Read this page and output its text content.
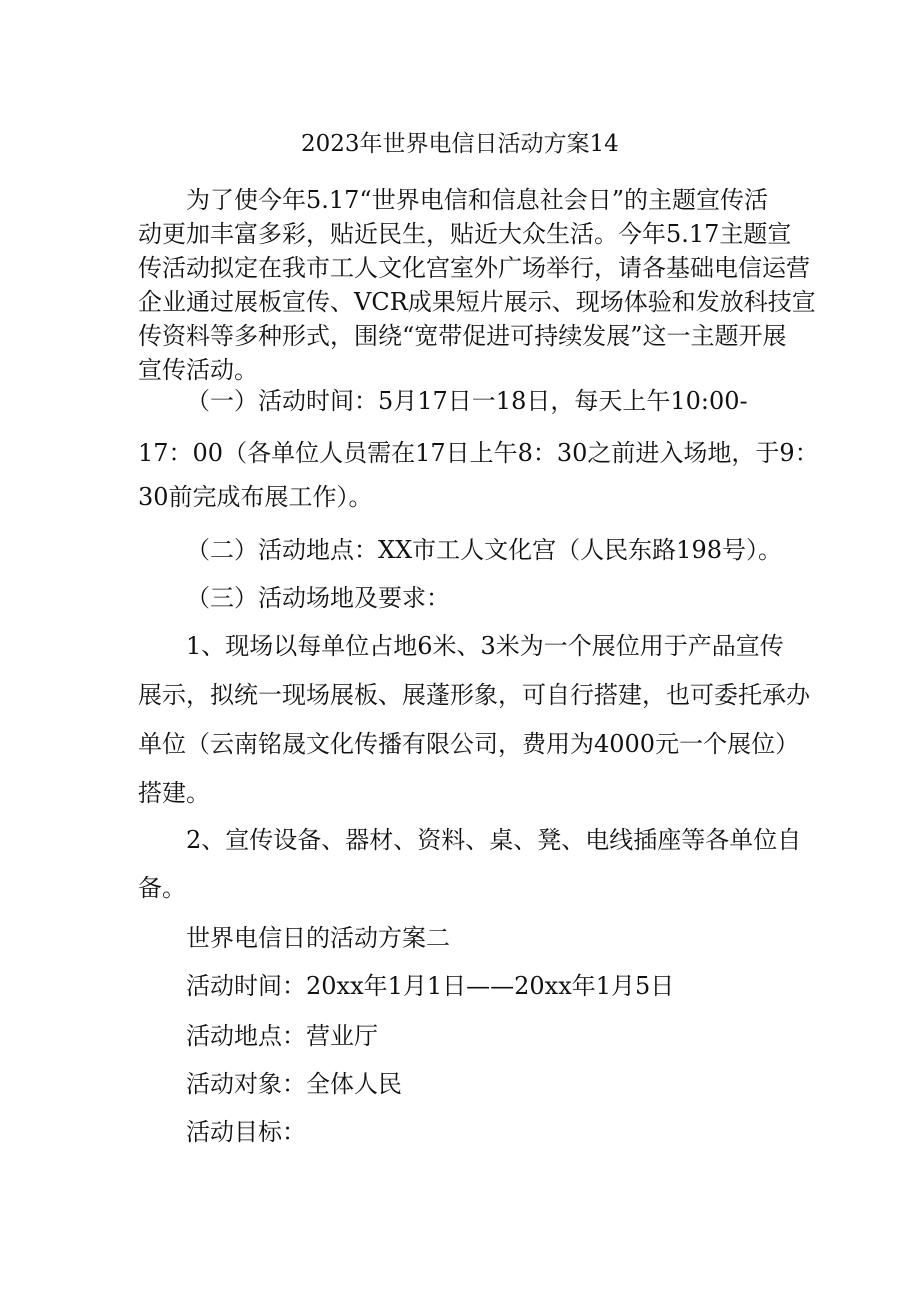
2023年世界电信日活动方案14

为了使今年5.17“世界电信和信息社会日”的主题宣传活

动更加丰富多彩，贴近民生，贴近大众生活。今年5.17主题宣

传活动拟定在我市工人文化宫室外广场举行，请各基础电信运营

企业通过展板宣传、VCR成果短片展示、现场体验和发放科技宣

传资料等多种形式，围绕“宽带促进可持续发展”这一主题开展

宣传活动。

（一）活动时间：5月17日一18日，每天上午10:00-

17：00（各单位人员需在17日上午8：30之前进入场地，于9：

30前完成布展工作）。

（二）活动地点：XX市工人文化宫（人民东路198号）。

（三）活动场地及要求：

1、现场以每单位占地6米、3米为一个展位用于产品宣传

展示，拟统一现场展板、展蓬形象，可自行搭建，也可委托承办

单位（云南铭晟文化传播有限公司，费用为4000元一个展位）

搭建。

2、宣传设备、器材、资料、桌、凳、电线插座等各单位自

备。

世界电信日的活动方案二

活动时间：20xx年1月1日——20xx年1月5日

活动地点：营业厅

活动对象：全体人民

活动目标：
